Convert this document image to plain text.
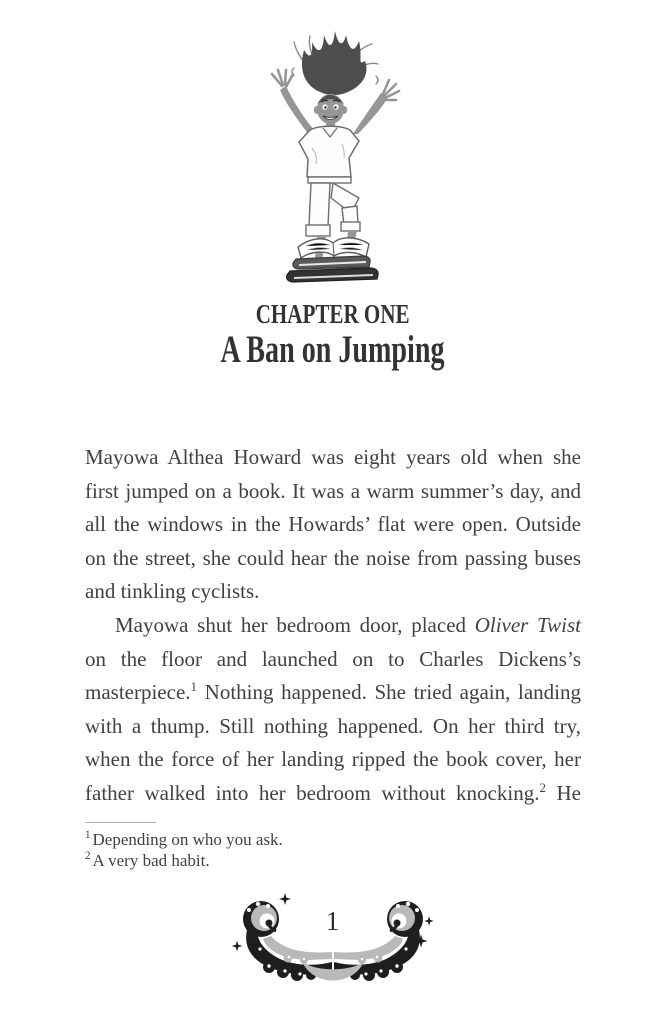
CHAPTER ONE
A Ban on Jumping

Mayowa Althea Howard was eight years old when she first jumped on a book. It was a warm summer’s day, and all the windows in the Howards’ flat were open. Outside on the street, she could hear the noise from passing buses and tinkling cyclists.

Mayowa shut her bedroom door, placed Oliver Twist on the floor and launched on to Charles Dickens’s masterpiece.$^1$ Nothing happened. She tried again, landing with a thump. Still nothing happened. On her third try, when the force of her landing ripped the book cover, her father walked into her bedroom without knocking.$^2$ He

$^1$ Depending on who you ask.
$^2$ A very bad habit.
1
